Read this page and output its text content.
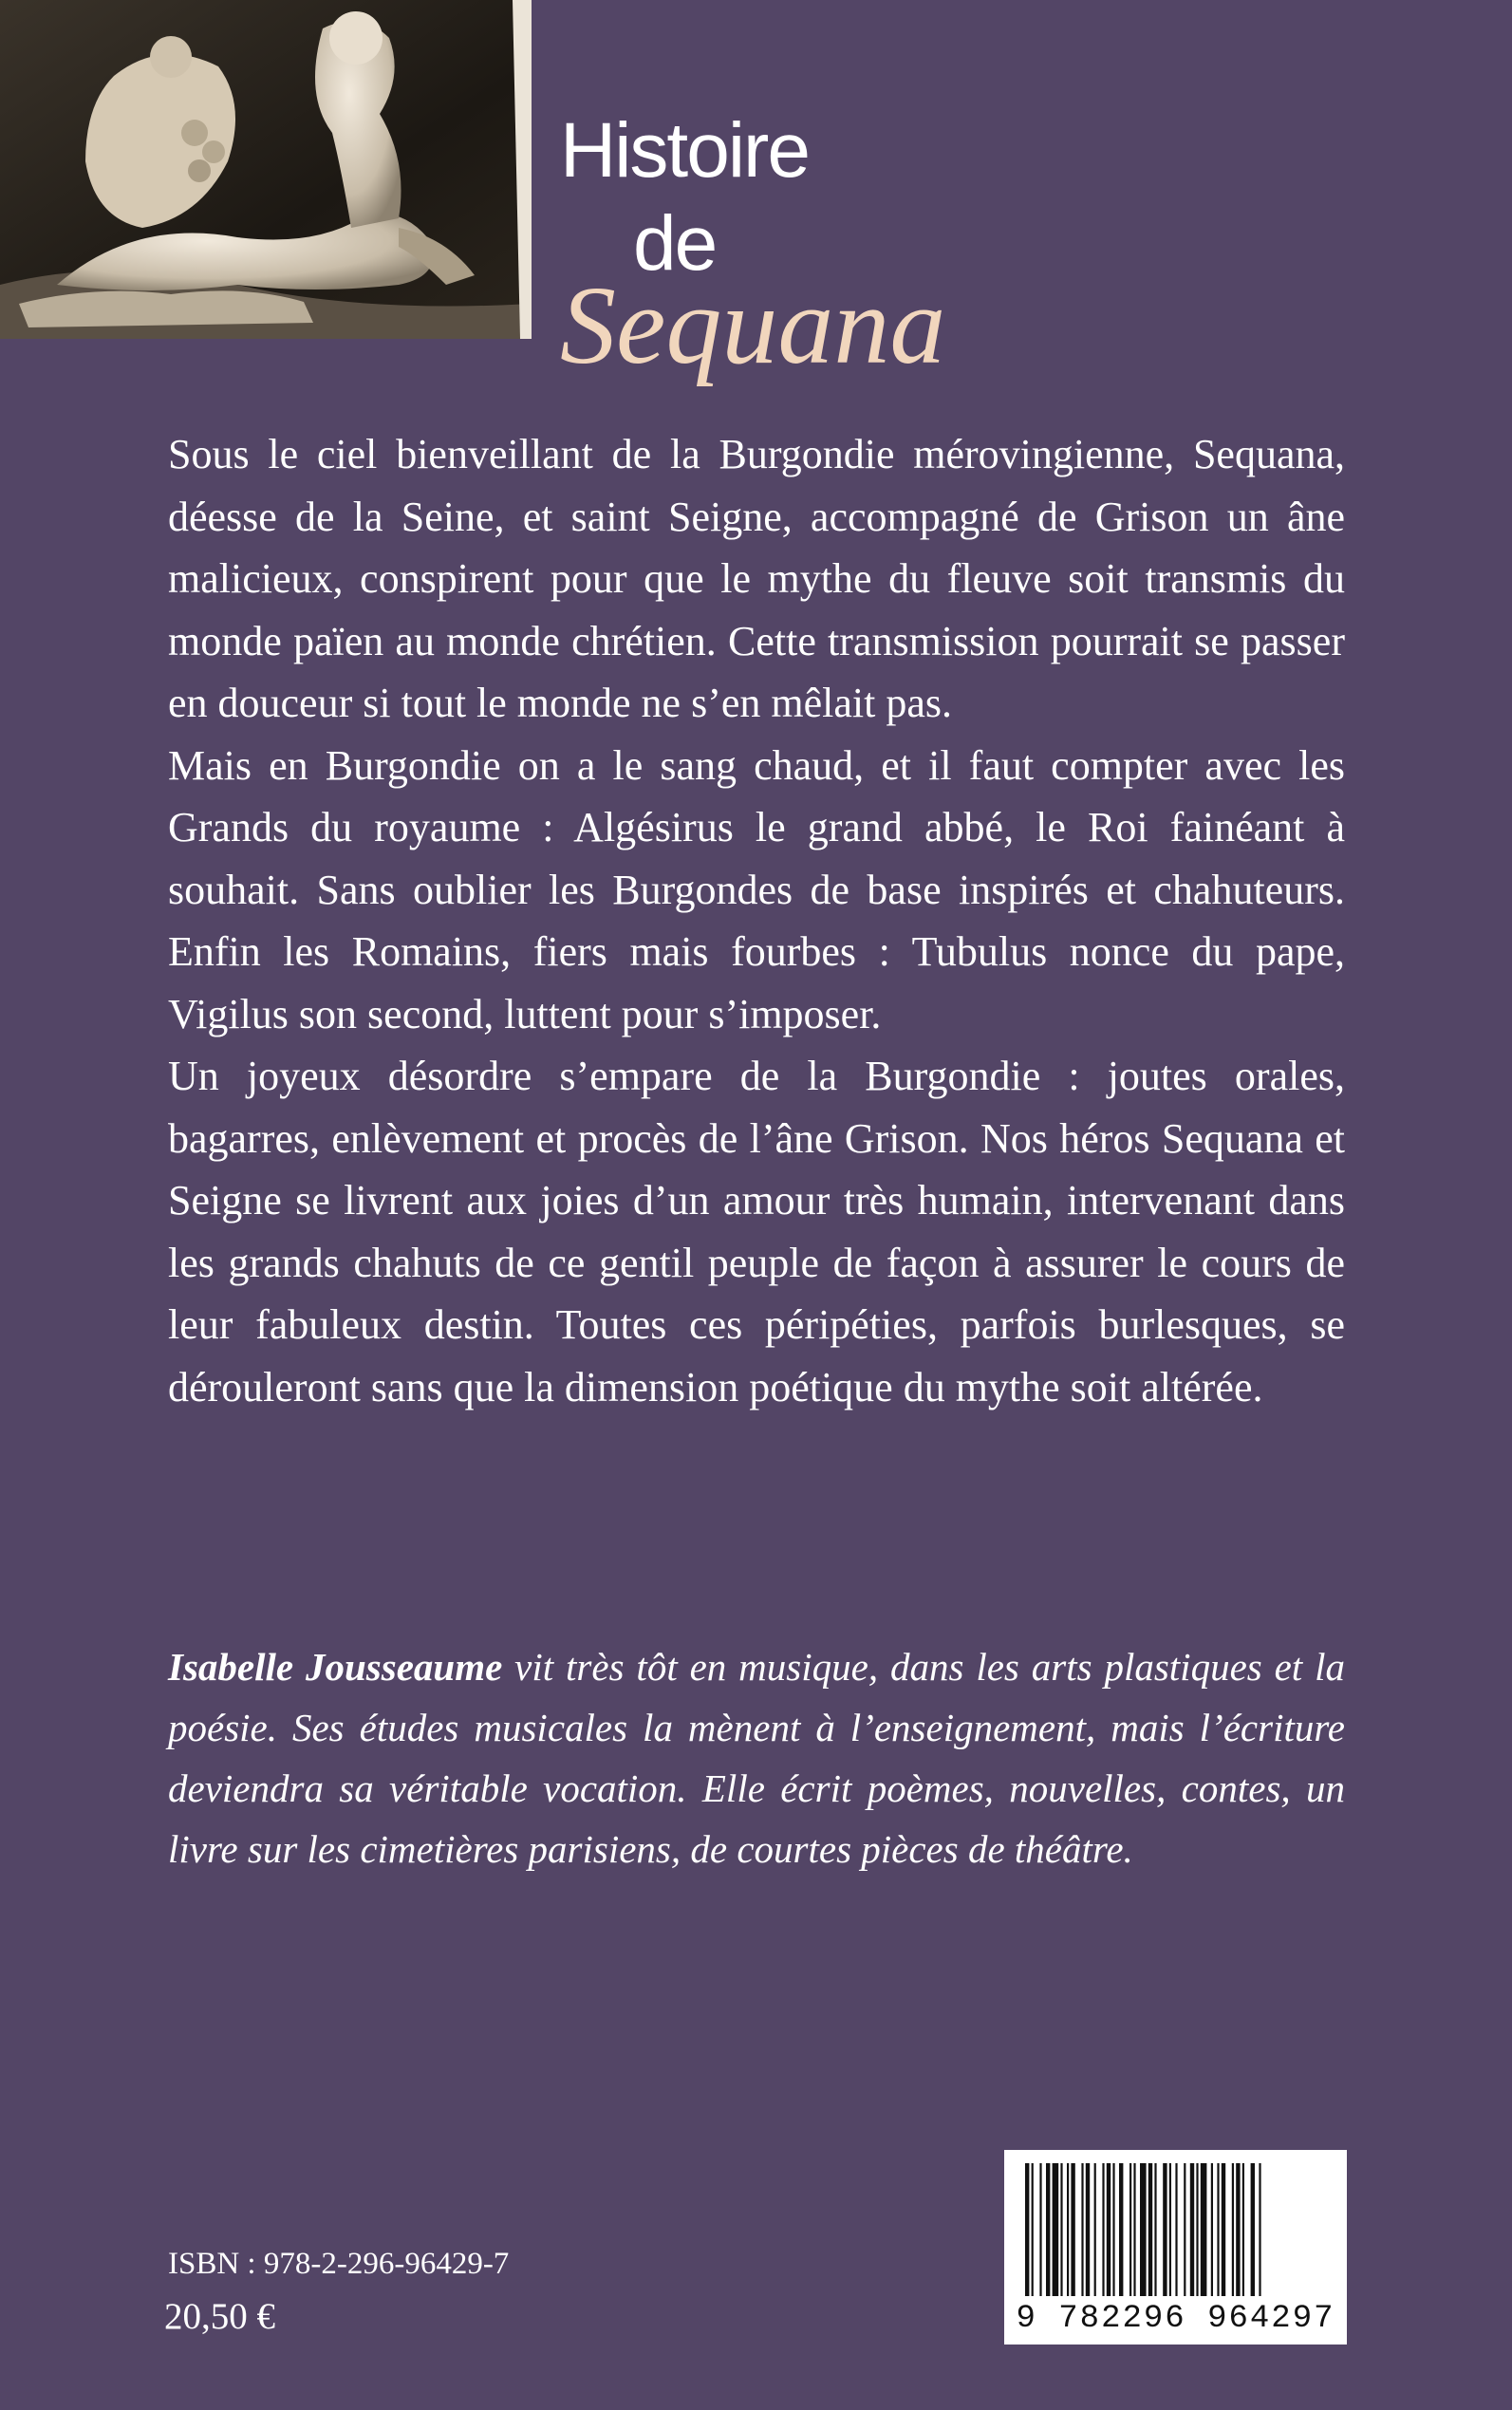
Histoire
de
Sequana

Sous le ciel bienveillant de la Burgondie mérovingienne, Sequana, déesse de la Seine, et saint Seigne, accompagné de Grison un âne malicieux, conspirent pour que le mythe du fleuve soit transmis du monde païen au monde chrétien. Cette transmission pourrait se passer en douceur si tout le monde ne s’en mêlait pas.

Mais en Burgondie on a le sang chaud, et il faut compter avec les Grands du royaume : Algésirus le grand abbé, le Roi fainéant à souhait. Sans oublier les Burgondes de base inspirés et chahuteurs. Enfin les Romains, fiers mais fourbes : Tubulus nonce du pape, Vigilus son second, luttent pour s’imposer.

Un joyeux désordre s’empare de la Burgondie : joutes orales, bagarres, enlèvement et procès de l’âne Grison. Nos héros Sequana et Seigne se livrent aux joies d’un amour très humain, intervenant dans les grands chahuts de ce gentil peuple de façon à assurer le cours de leur fabuleux destin. Toutes ces péripéties, parfois burlesques, se dérouleront sans que la dimension poétique du mythe soit altérée.

Isabelle Jousseaume vit très tôt en musique, dans les arts plastiques et la poésie. Ses études musicales la mènent à l’enseignement, mais l’écriture deviendra sa véritable vocation. Elle écrit poèmes, nouvelles, contes, un livre sur les cimetières parisiens, de courtes pièces de théâtre.

ISBN : 978-2-296-96429-7
20,50 €	9 782296 964297
